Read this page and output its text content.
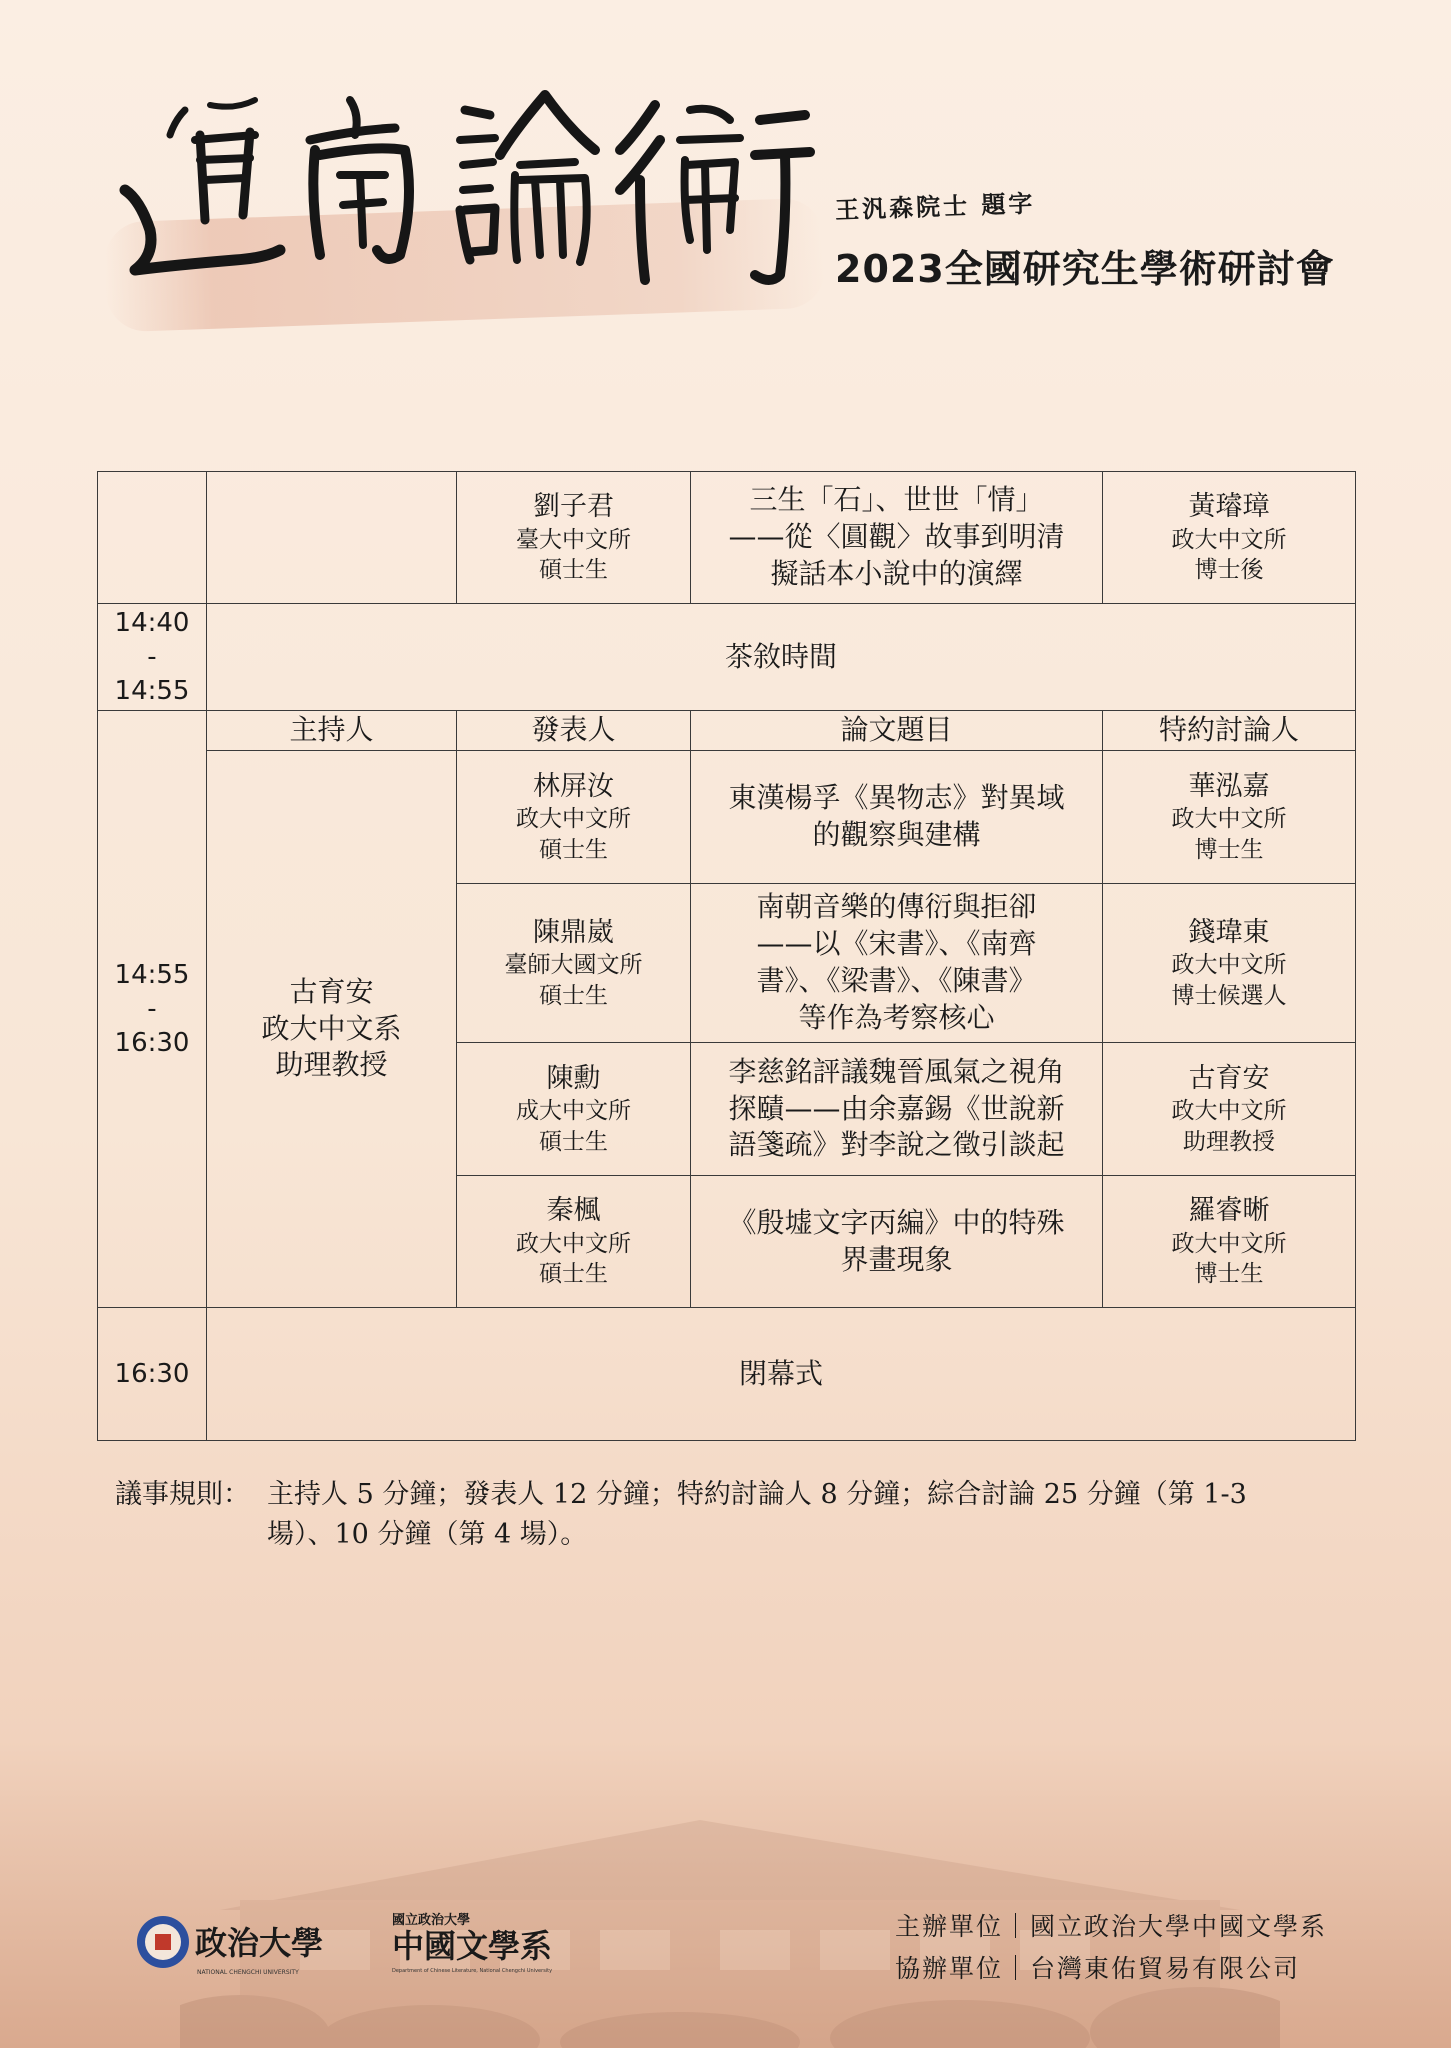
王汎森院士 題字
2023全國研究生學術研討會

		劉子君
臺大中文所
碩士生	三生「石」、世世「情」
——從〈圓觀〉故事到明清
擬話本小說中的演繹	黃璿璋
政大中文所
博士後

14:40
-
14:55	茶敘時間			

14:55
-
16:30	主持人	發表人	論文題目	特約討論人

	古育安
政大中文系
助理教授	林屏汝
政大中文所
碩士生	東漢楊孚《異物志》對異域
的觀察與建構	華泓嘉
政大中文所
博士生

		陳鼎崴
臺師大國文所
碩士生	南朝音樂的傳衍與拒卻
——以《宋書》、《南齊
書》、《梁書》、《陳書》
等作為考察核心	錢瑋東
政大中文所
博士候選人

		陳勳
成大中文所
碩士生	李慈銘評議魏晉風氣之視角
探賾——由余嘉錫《世說新
語箋疏》對李說之徵引談起	古育安
政大中文所
助理教授

		秦楓
政大中文所
碩士生	《殷墟文字丙編》中的特殊
界畫現象	羅睿晰
政大中文所
博士生

16:30	閉幕式			
議事規則： 主持人 5 分鐘；發表人 12 分鐘；特約討論人 8 分鐘；綜合討論 25 分鐘（第 1-3
場）、10 分鐘（第 4 場）。
政治大學
NATIONAL CHENGCHI UNIVERSITY
國立政治大學
中國文學系
Department of Chinese Literature, National Chengchi University
主辦單位｜國立政治大學中國文學系
協辦單位｜台灣東佑貿易有限公司
